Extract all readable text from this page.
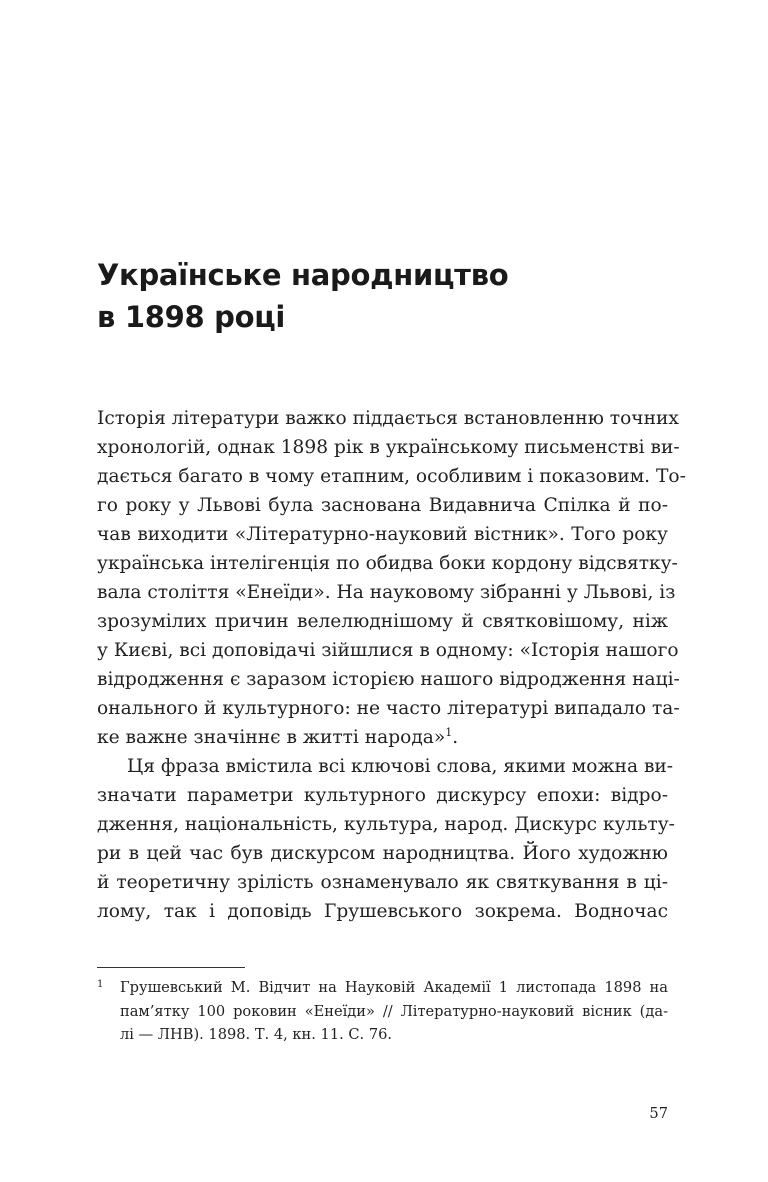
Українське народництво
в 1898 році
Історія літератури важко піддається встановленню точних
хронологій, однак 1898 рік в українському письменстві ви-
дається багато в чому етапним, особливим і показовим. То-
го року у Львові була заснована Видавнича Спілка й по-
чав виходити «Літературно-науковий вістник». Того року
українська інтелігенція по обидва боки кордону відсвятку-
вала століття «Енеїди». На науковому зібранні у Львові, із
зрозумілих причин велелюднішому й святковішому, ніж
у Києві, всі доповідачі зійшлися в одному: «Історія нашого
відродження є заразом історією нашого відродження наці-
онального й культурного: не часто літературі випадало та-
ке важне значіннє в житті народа»$^1$.
Ця фраза вмістила всі ключові слова, якими можна ви-
значати параметри культурного дискурсу епохи: відро-
дження, національність, культура, народ. Дискурс культу-
ри в цей час був дискурсом народництва. Його художню
й теоретичну зрілість ознаменувало як святкування в ці-
лому, так і доповідь Грушевського зокрема. Водночас
1 Грушевський М. Відчит на Науковій Академії 1 листопада 1898 на
пам’ятку 100 роковин «Енеїди» // Літературно-науковий вісник (да-
лі — ЛНВ). 1898. Т. 4, кн. 11. С. 76.
57
